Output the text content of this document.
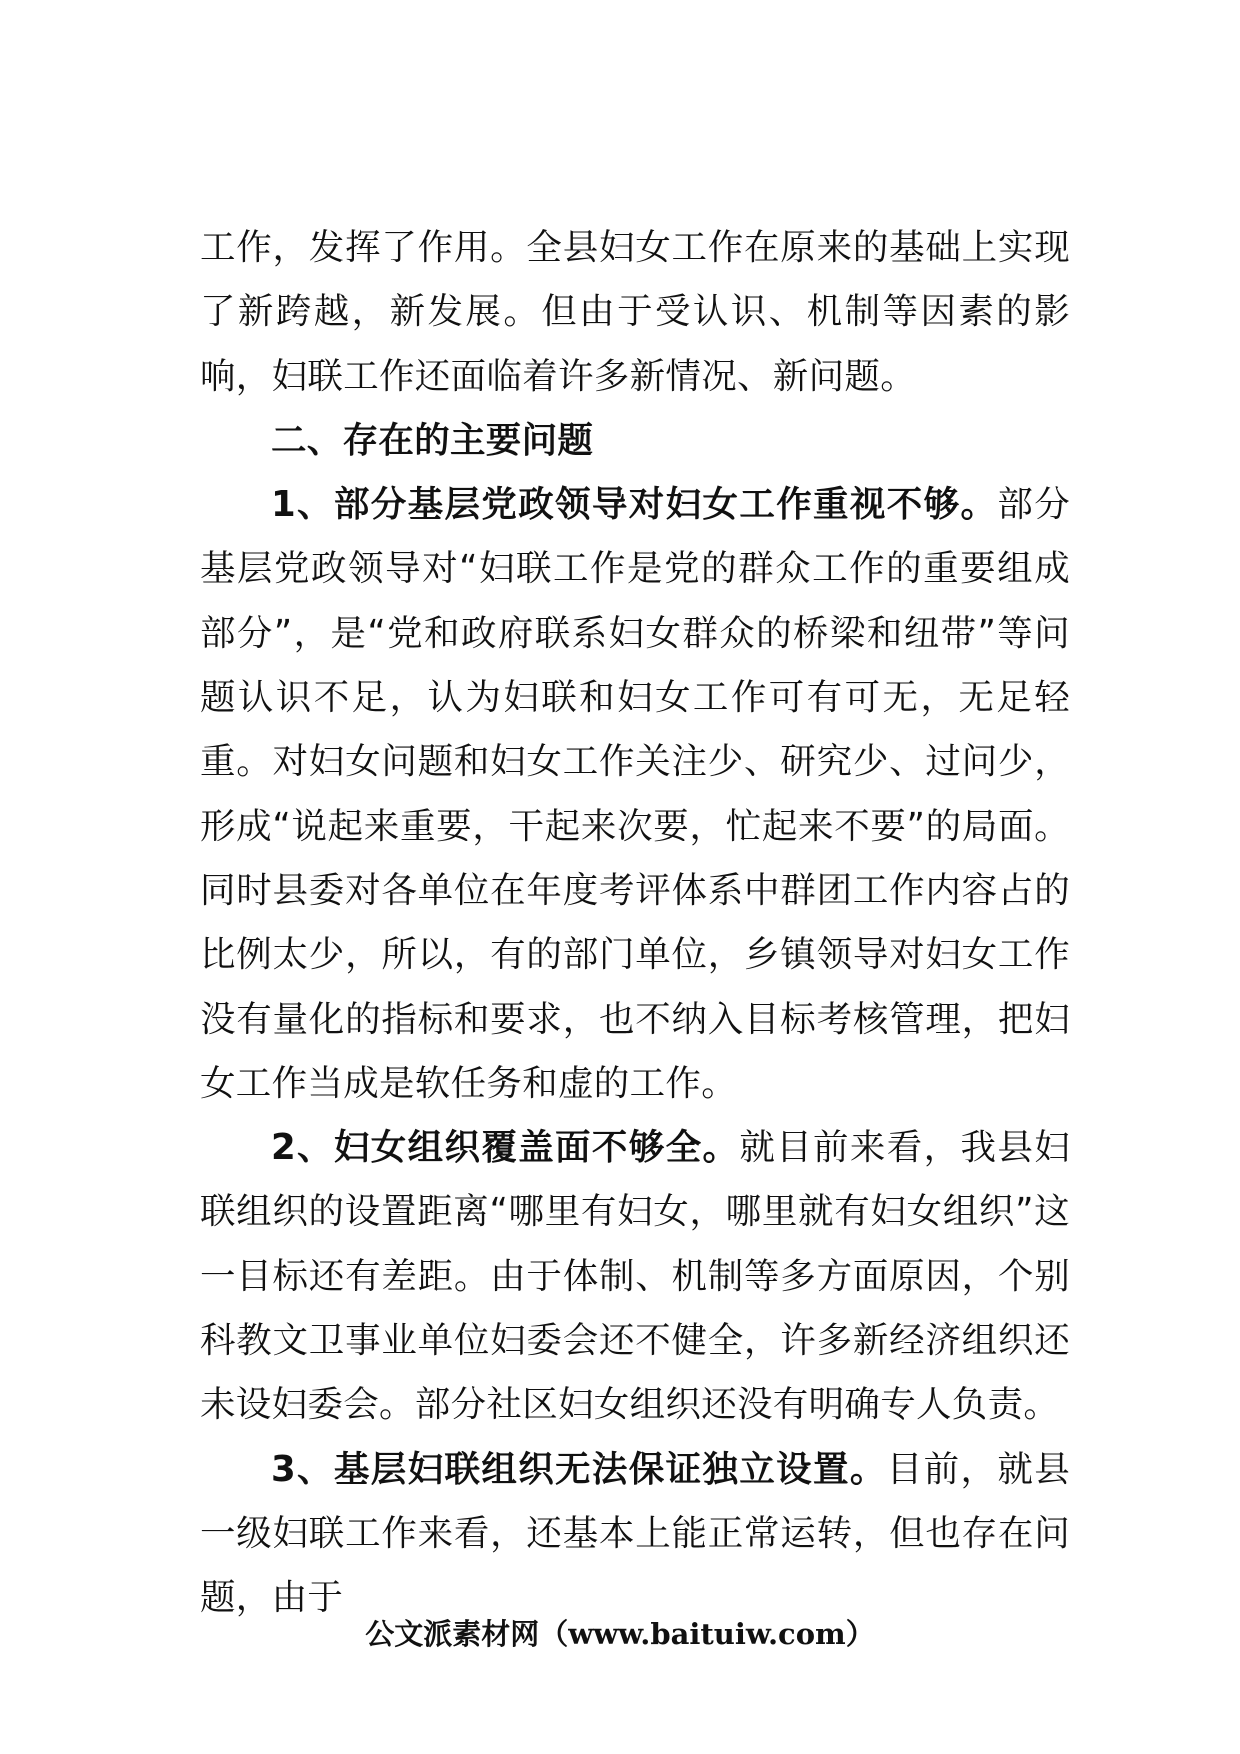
工作，发挥了作用。全县妇女工作在原来的基础上实现了新跨越，新发展。但由于受认识、机制等因素的影响，妇联工作还面临着许多新情况、新问题。

二、存在的主要问题

1、部分基层党政领导对妇女工作重视不够。部分基层党政领导对“妇联工作是党的群众工作的重要组成部分”，是“党和政府联系妇女群众的桥梁和纽带”等问题认识不足，认为妇联和妇女工作可有可无，无足轻重。对妇女问题和妇女工作关注少、研究少、过问少，形成“说起来重要，干起来次要，忙起来不要”的局面。同时县委对各单位在年度考评体系中群团工作内容占的比例太少，所以，有的部门单位，乡镇领导对妇女工作没有量化的指标和要求，也不纳入目标考核管理，把妇女工作当成是软任务和虚的工作。

2、妇女组织覆盖面不够全。就目前来看，我县妇联组织的设置距离“哪里有妇女，哪里就有妇女组织”这一目标还有差距。由于体制、机制等多方面原因，个别科教文卫事业单位妇委会还不健全，许多新经济组织还未设妇委会。部分社区妇女组织还没有明确专人负责。

3、基层妇联组织无法保证独立设置。目前，就县一级妇联工作来看，还基本上能正常运转，但也存在问题，由于

公文派素材网（www.baituiw.com）
